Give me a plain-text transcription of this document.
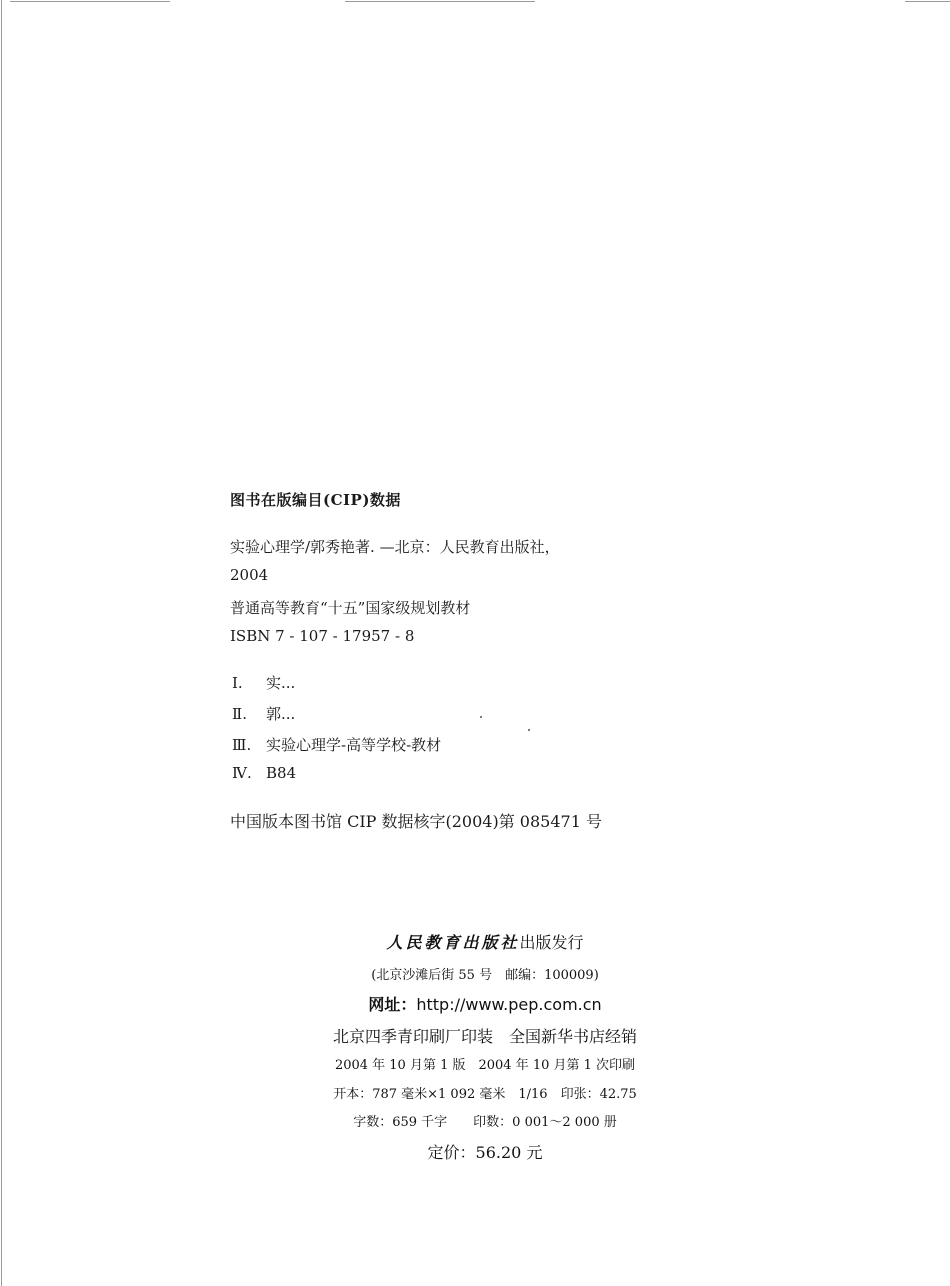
图书在版编目(CIP)数据
实验心理学/郭秀艳著. —北京：人民教育出版社，
2004
普通高等教育“十五”国家级规划教材
ISBN 7 - 107 - 17957 - 8
Ⅰ. 实...
Ⅱ. 郭...
Ⅲ. 实验心理学-高等学校-教材
Ⅳ. B84
中国版本图书馆 CIP 数据核字(2004)第 085471 号
人民教育出版社出版发行
(北京沙滩后街 55 号　邮编：100009)
网址：http://www.pep.com.cn
北京四季青印刷厂印装　全国新华书店经销
2004 年 10 月第 1 版　2004 年 10 月第 1 次印刷
开本：787 毫米×1 092 毫米　1/16　印张：42.75
字数：659 千字　　印数：0 001～2 000 册
定价：56.20 元
